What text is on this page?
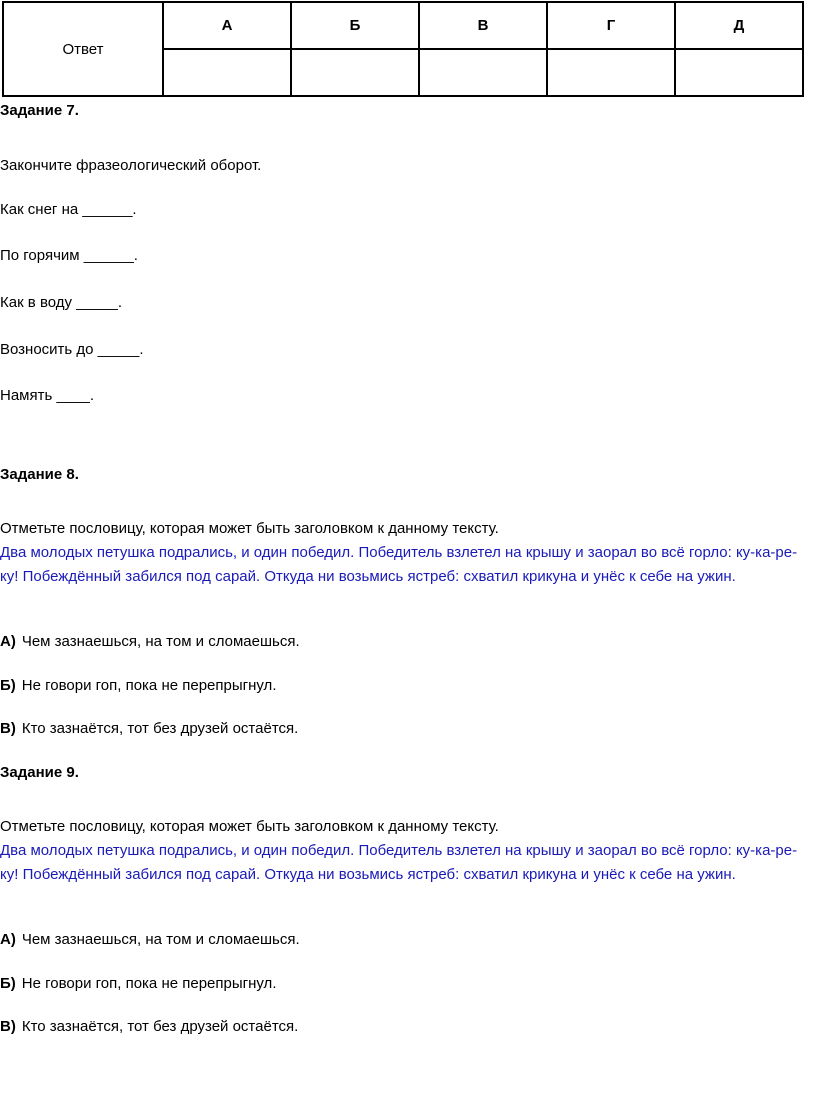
Ответ	А	Б	В	Г	Д

Задание 7.
Закончите фразеологический оборот.
Как снег на ______.
По горячим ______.
Как в воду _____.
Возносить до _____.
Намять ____.
Задание 8.
Отметьте пословицу, которая может быть заголовком к данному тексту.
Два молодых петушка подрались, и один победил. Победитель взлетел на крышу и заорал во всё горло: ку-ка-ре-ку! Побеждённый забился под сарай. Откуда ни возьмись ястреб: схватил крикуна и унёс к себе на ужин.
А) Чем зазнаешься, на том и сломаешься.
Б) Не говори гоп, пока не перепрыгнул.
В) Кто зазнаётся, тот без друзей остаётся.
Задание 9.
Отметьте пословицу, которая может быть заголовком к данному тексту.
Два молодых петушка подрались, и один победил. Победитель взлетел на крышу и заорал во всё горло: ку-ка-ре-ку! Побеждённый забился под сарай. Откуда ни возьмись ястреб: схватил крикуна и унёс к себе на ужин.
А) Чем зазнаешься, на том и сломаешься.
Б) Не говори гоп, пока не перепрыгнул.
В) Кто зазнаётся, тот без друзей остаётся.
